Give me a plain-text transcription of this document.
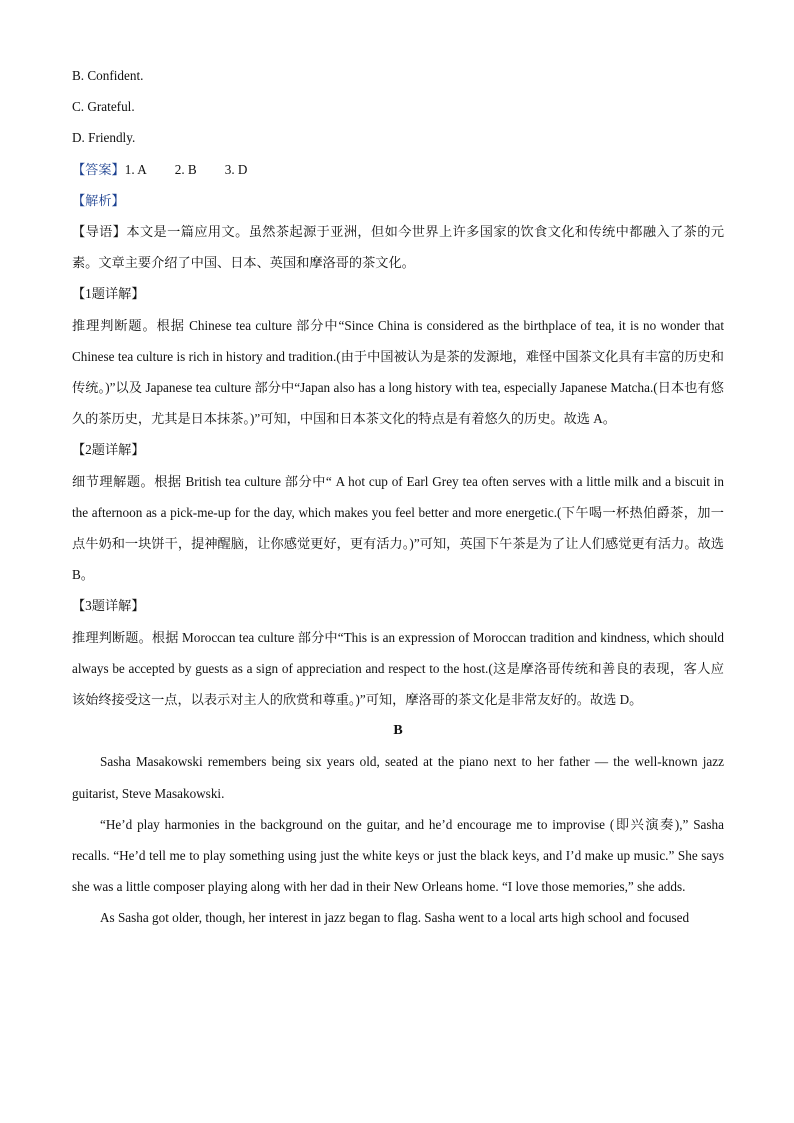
B. Confident.

C. Grateful.

D. Friendly.

【答案】1. A 2. B 3. D

【解析】

【导语】本文是一篇应用文。虽然茶起源于亚洲，但如今世界上许多国家的饮食文化和传统中都融入了茶的元素。文章主要介绍了中国、日本、英国和摩洛哥的茶文化。

【1题详解】

推理判断题。根据 Chinese tea culture 部分中“Since China is considered as the birthplace of tea, it is no wonder that Chinese tea culture is rich in history and tradition.(由于中国被认为是茶的发源地，难怪中国茶文化具有丰富的历史和传统。)”以及 Japanese tea culture 部分中“Japan also has a long history with tea, especially Japanese Matcha.(日本也有悠久的茶历史，尤其是日本抹茶。)”可知，中国和日本茶文化的特点是有着悠久的历史。故选 A。

【2题详解】

细节理解题。根据 British tea culture 部分中“ A hot cup of Earl Grey tea often serves with a little milk and a biscuit in the afternoon as a pick-me-up for the day, which makes you feel better and more energetic.(下午喝一杯热伯爵茶，加一点牛奶和一块饼干，提神醒脑，让你感觉更好，更有活力。)”可知，英国下午茶是为了让人们感觉更有活力。故选 B。

【3题详解】

推理判断题。根据 Moroccan tea culture 部分中“This is an expression of Moroccan tradition and kindness, which should always be accepted by guests as a sign of appreciation and respect to the host.(这是摩洛哥传统和善良的表现，客人应该始终接受这一点，以表示对主人的欣赏和尊重。)”可知，摩洛哥的茶文化是非常友好的。故选 D。

B

Sasha Masakowski remembers being six years old, seated at the piano next to her father — the well-known jazz guitarist, Steve Masakowski.

“He’d play harmonies in the background on the guitar, and he’d encourage me to improvise (即兴演奏),” Sasha recalls. “He’d tell me to play something using just the white keys or just the black keys, and I’d make up music.” She says she was a little composer playing along with her dad in their New Orleans home. “I love those memories,” she adds.

As Sasha got older, though, her interest in jazz began to flag. Sasha went to a local arts high school and focused
